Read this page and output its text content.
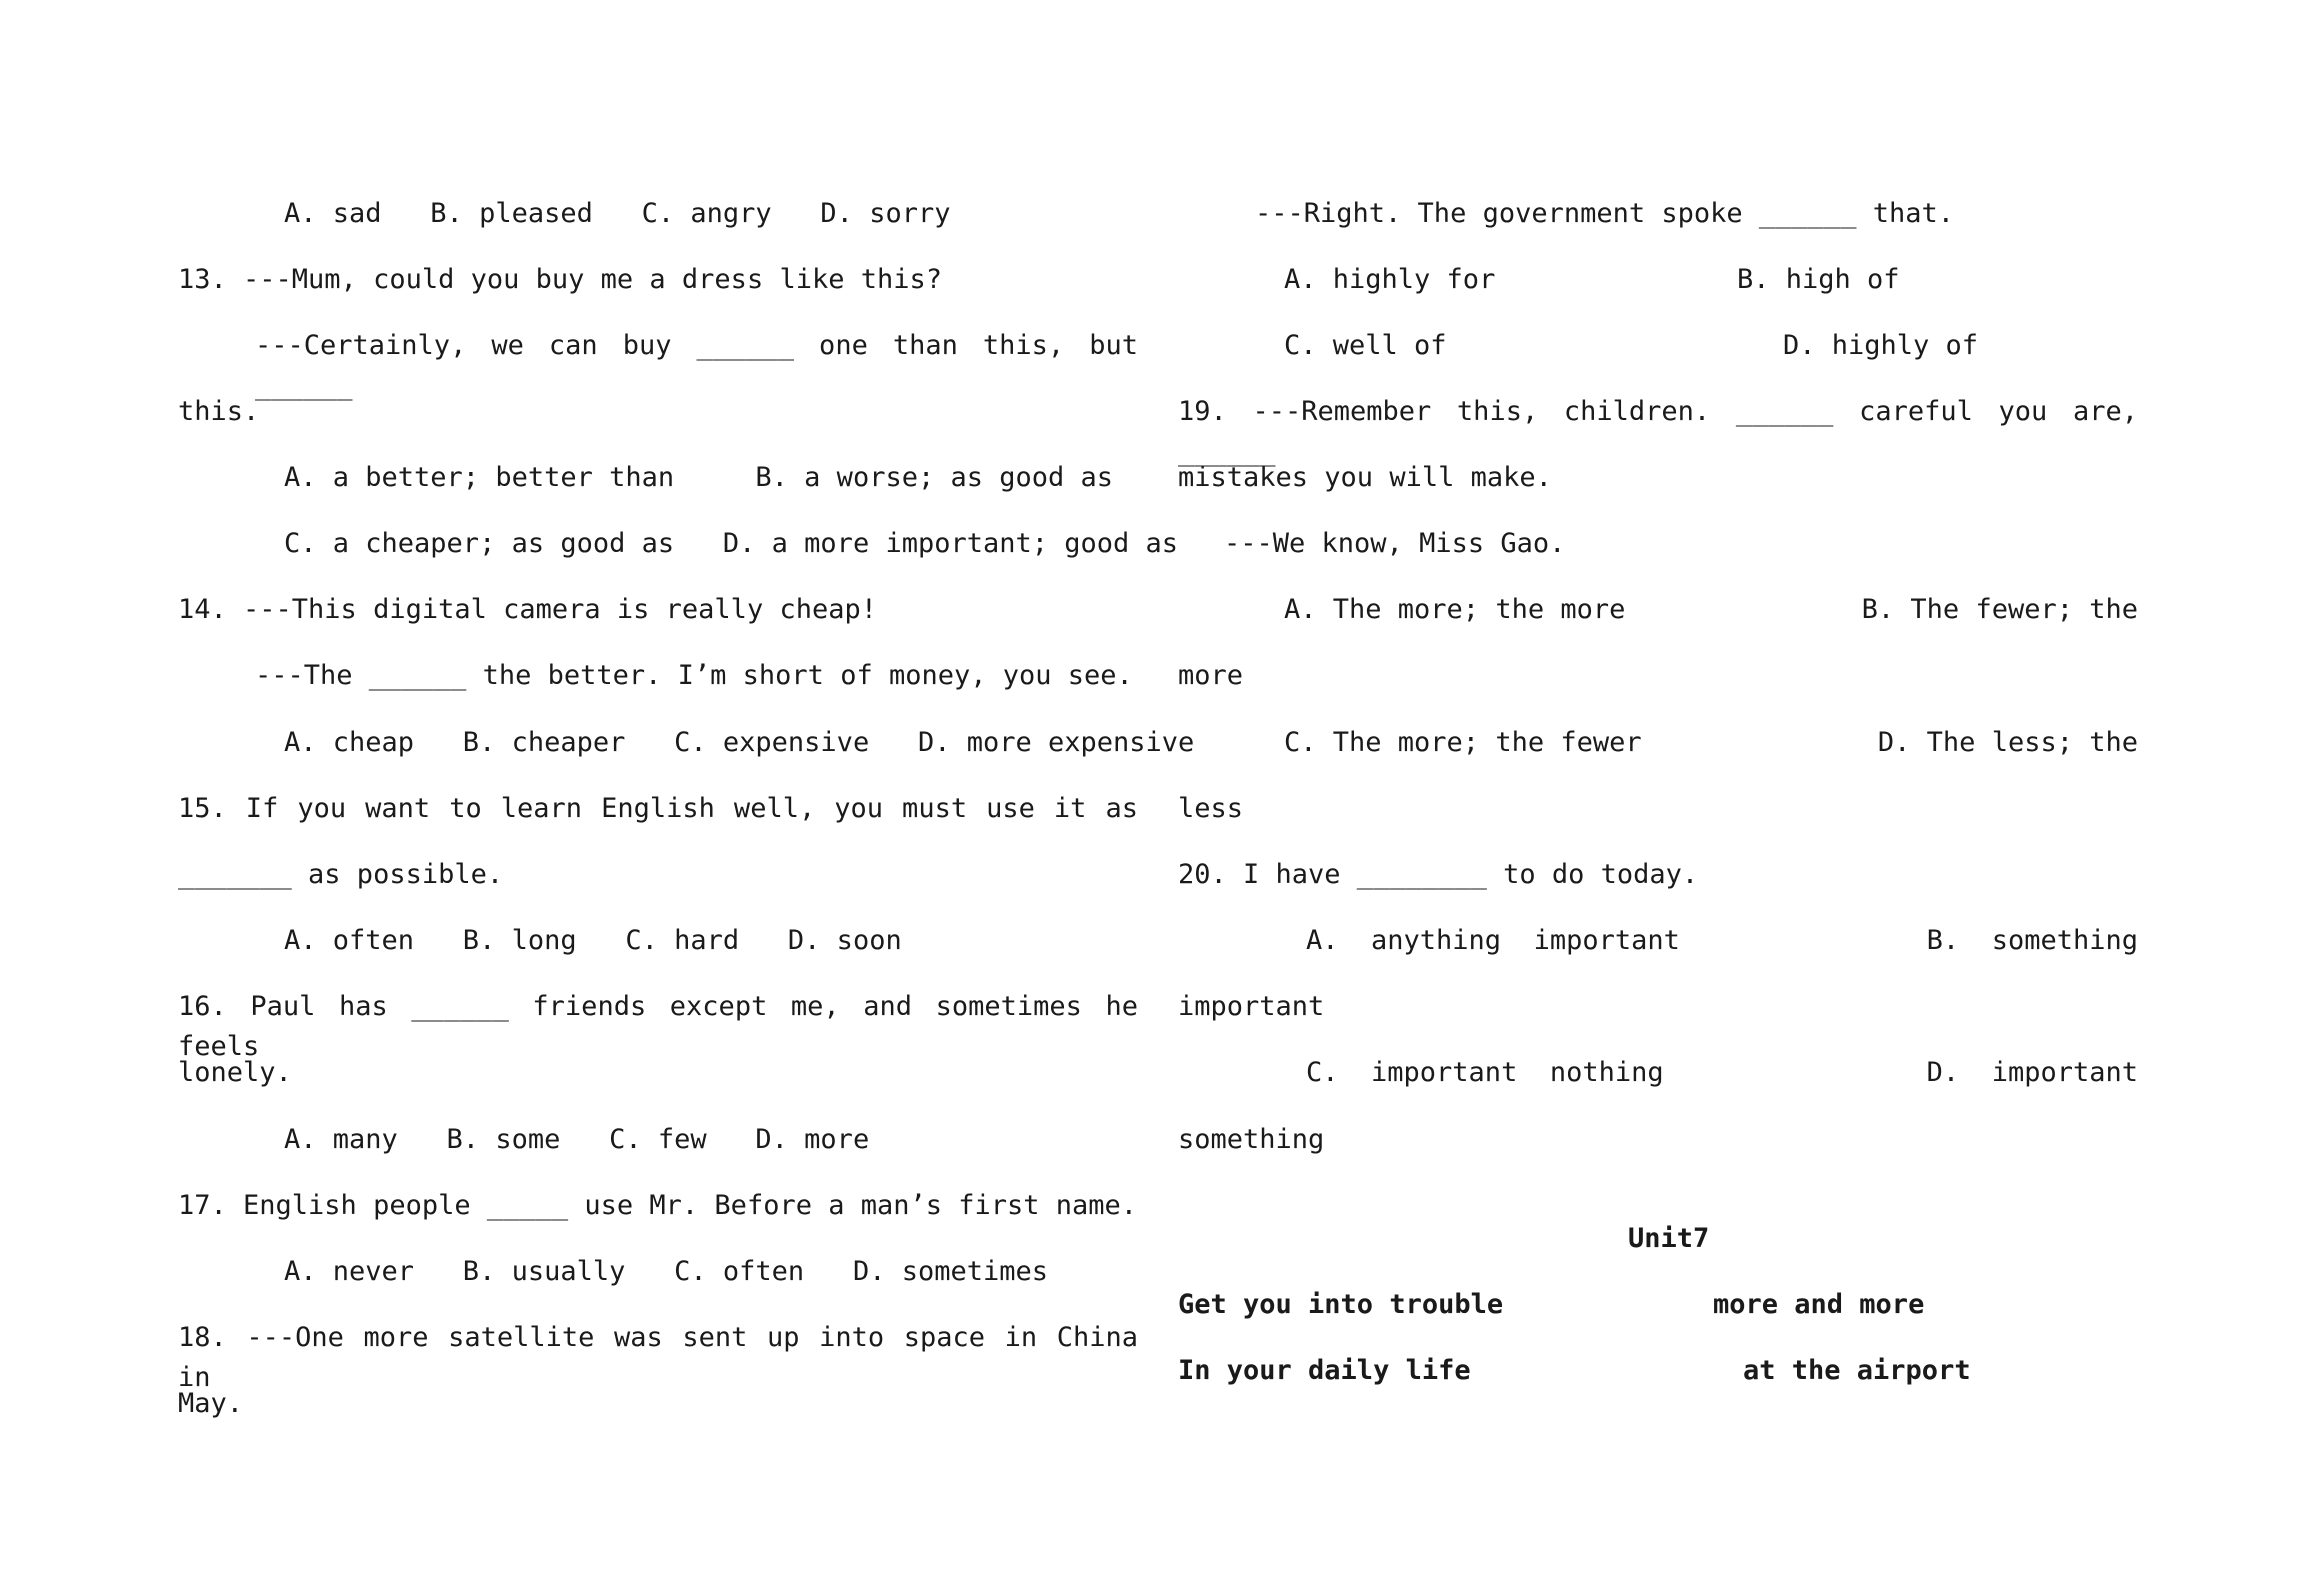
A. sad   B. pleased   C. angry   D. sorry
13. ---Mum, could you buy me a dress like this?
---Certainly, we can buy ______ one than this, but ______
this.
A. a better; better than     B. a worse; as good as
C. a cheaper; as good as   D. a more important; good as
14. ---This digital camera is really cheap!
---The ______ the better. I’m short of money, you see.
A. cheap   B. cheaper   C. expensive   D. more expensive
15. If you want to learn English well, you must use it as
_______ as possible.
A. often   B. long   C. hard   D. soon
16. Paul has ______ friends except me, and sometimes he feels
lonely.
A. many   B. some   C. few   D. more
17. English people _____ use Mr. Before a man’s first name.
A. never   B. usually   C. often   D. sometimes
18. ---One more satellite was sent up into space in China in
May.
---Right. The government spoke ______ that.
A. highly for	B. high of
C. well of	D. highly of
19. ---Remember this, children. ______ careful you are, ______
mistakes you will make.
---We know, Miss Gao.
A. The more; the more	B. The fewer; the
more
C. The more; the fewer	D. The less; the
less
20. I have ________ to do today.
A.  anything  important	B.  something
important
C.  important  nothing	D.  important
something
Unit7
Get you into trouble	more and more
In your daily life	at the airport
